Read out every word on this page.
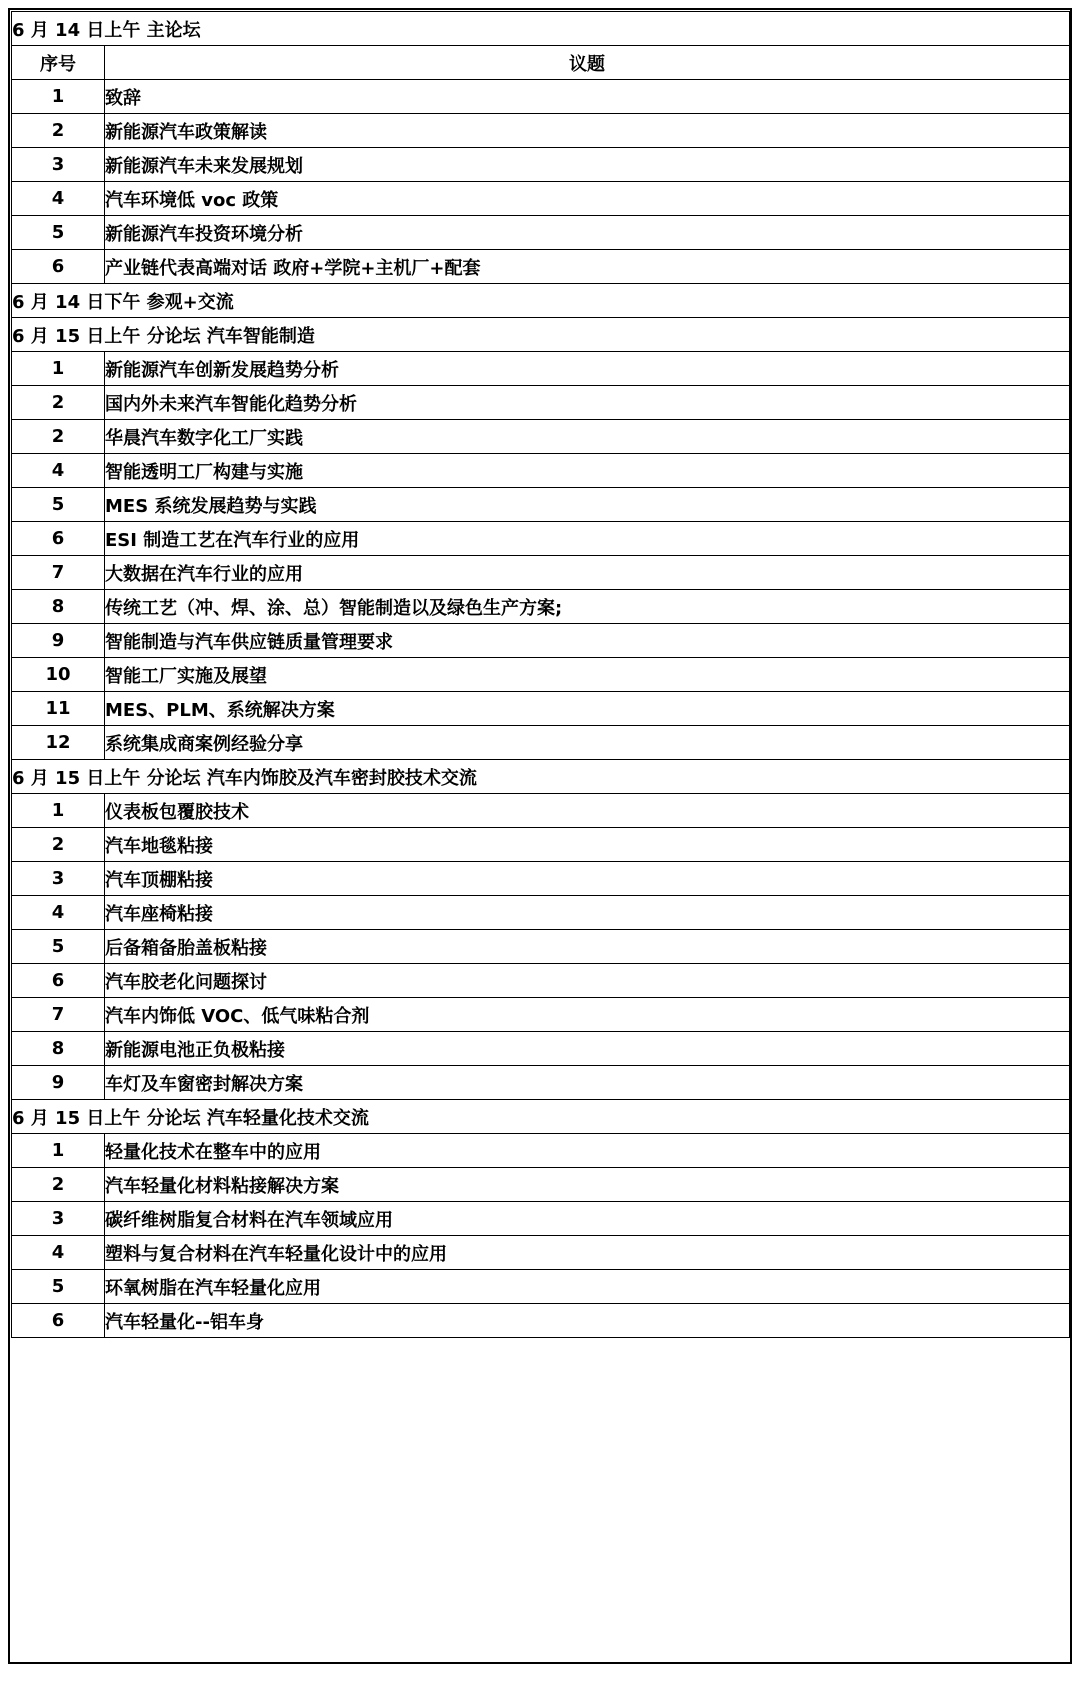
6 月 14 日上午 主论坛	
序号	议题
1	致辞
2	新能源汽车政策解读
3	新能源汽车未来发展规划
4	汽车环境低 voc 政策
5	新能源汽车投资环境分析
6	产业链代表高端对话 政府+学院+主机厂+配套
6 月 14 日下午 参观+交流	
6 月 15 日上午 分论坛 汽车智能制造	
1	新能源汽车创新发展趋势分析
2	国内外未来汽车智能化趋势分析
2	华晨汽车数字化工厂实践
4	智能透明工厂构建与实施
5	MES 系统发展趋势与实践
6	ESI 制造工艺在汽车行业的应用
7	大数据在汽车行业的应用
8	传统工艺（冲、焊、涂、总）智能制造以及绿色生产方案;
9	智能制造与汽车供应链质量管理要求
10	智能工厂实施及展望
11	MES、PLM、系统解决方案
12	系统集成商案例经验分享
6 月 15 日上午 分论坛 汽车内饰胶及汽车密封胶技术交流	
1	仪表板包覆胶技术
2	汽车地毯粘接
3	汽车顶棚粘接
4	汽车座椅粘接
5	后备箱备胎盖板粘接
6	汽车胶老化问题探讨
7	汽车内饰低 VOC、低气味粘合剂
8	新能源电池正负极粘接
9	车灯及车窗密封解决方案
6 月 15 日上午 分论坛 汽车轻量化技术交流	
1	轻量化技术在整车中的应用
2	汽车轻量化材料粘接解决方案
3	碳纤维树脂复合材料在汽车领域应用
4	塑料与复合材料在汽车轻量化设计中的应用
5	环氧树脂在汽车轻量化应用
6	汽车轻量化--铝车身
